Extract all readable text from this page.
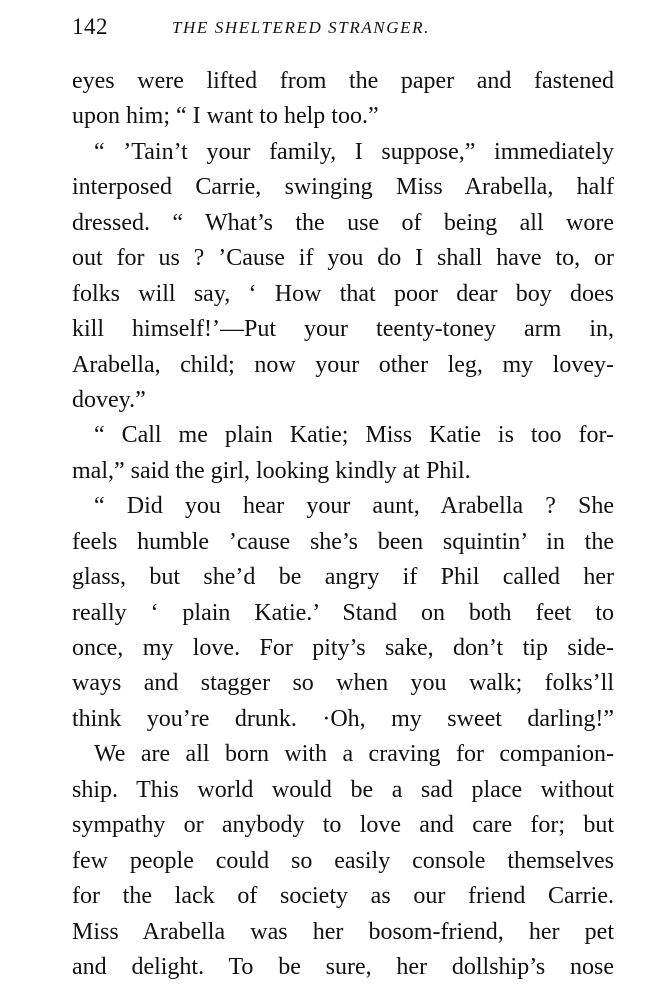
142	THE SHELTERED STRANGER.
eyes were lifted from the paper and fastened
upon him; “ I want to help too.”
“ ’Tain’t your family, I suppose,” immediately
interposed Carrie, swinging Miss Arabella, half
dressed. “ What’s the use of being all wore
out for us ? ’Cause if you do I shall have to, or
folks will say, ‘ How that poor dear boy does
kill himself!’—Put your teenty-toney arm in,
Arabella, child; now your other leg, my lovey-
dovey.”
“ Call me plain Katie; Miss Katie is too for-
mal,” said the girl, looking kindly at Phil.
“ Did you hear your aunt, Arabella ? She
feels humble ’cause she’s been squintin’ in the
glass, but she’d be angry if Phil called her
really ‘ plain Katie.’ Stand on both feet to
once, my love. For pity’s sake, don’t tip side-
ways and stagger so when you walk; folks’ll
think you’re drunk. ·Oh, my sweet darling!”
We are all born with a craving for companion-
ship. This world would be a sad place without
sympathy or anybody to love and care for; but
few people could so easily console themselves
for the lack of society as our friend Carrie.
Miss Arabella was her bosom-friend, her pet
and delight. To be sure, her dollship’s nose
